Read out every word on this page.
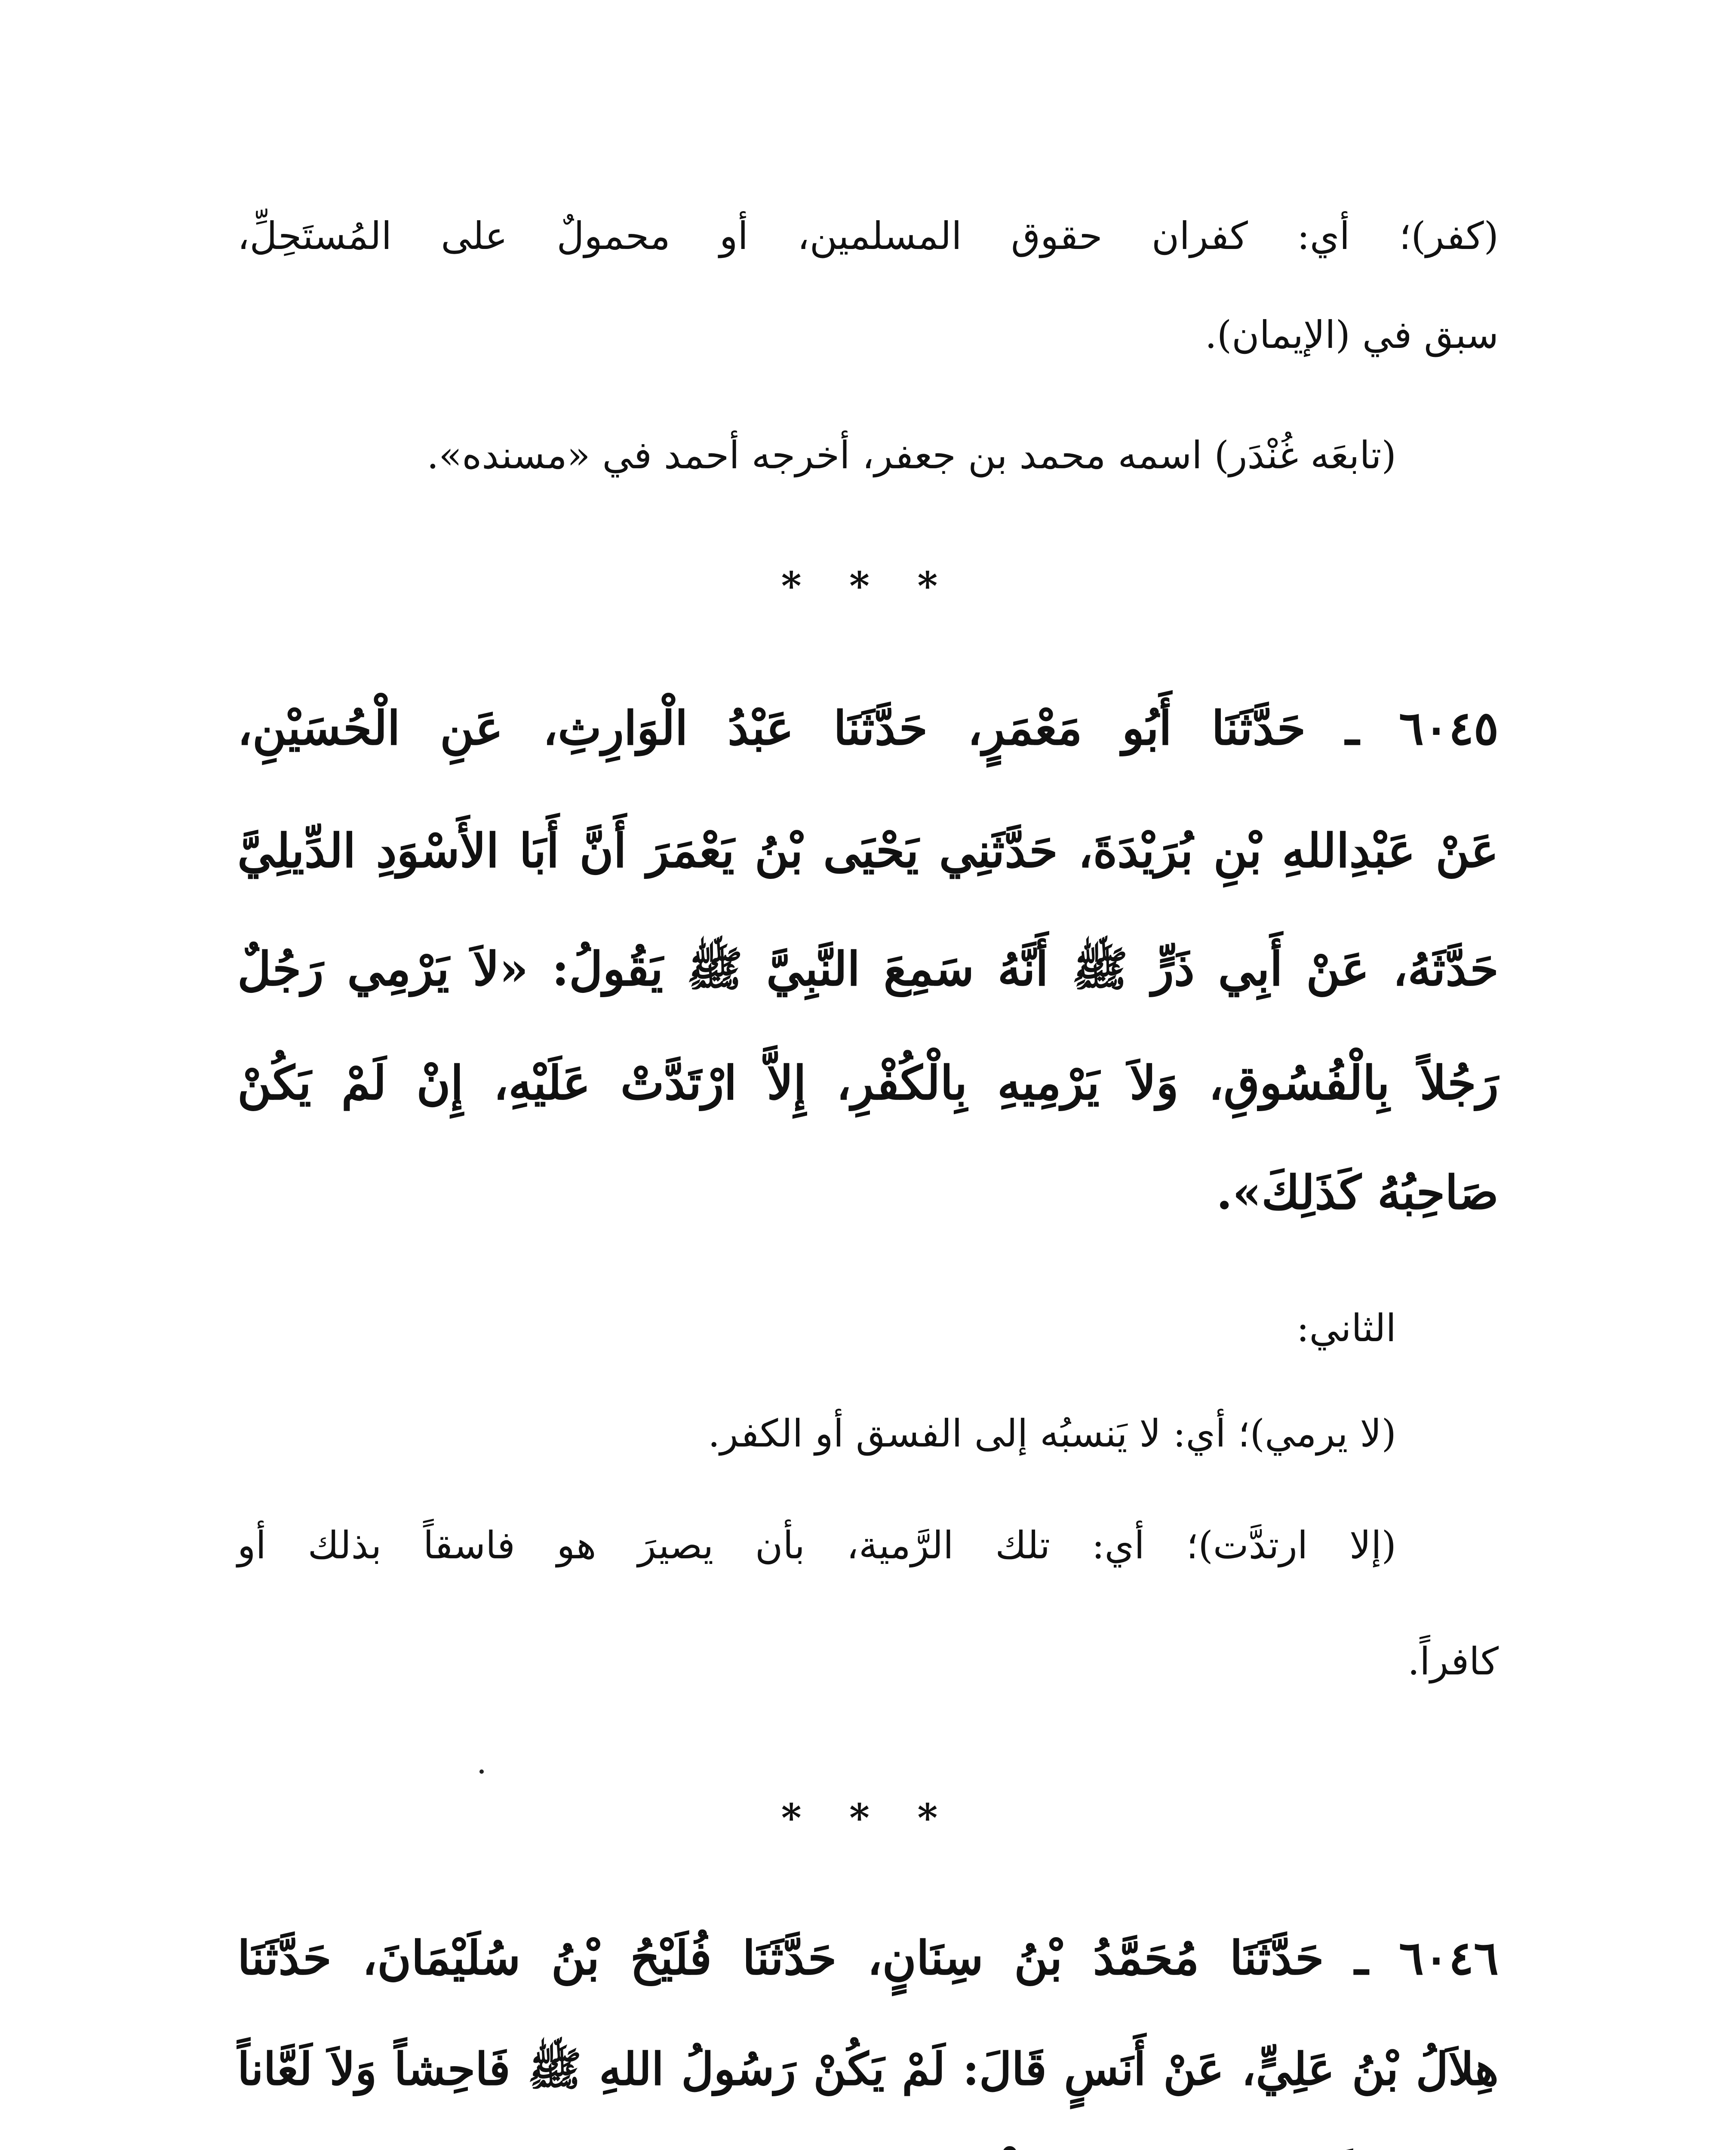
(كفر)؛ أي: كفران حقوق المسلمين، أو محمولٌ على المُستَحِلِّ،
سبق في (الإيمان).
(تابعَه غُنْدَر) اسمه محمد بن جعفر، أخرجه أحمد في «مسنده».
* * *
٦٠٤٥ ـ حَدَّثَنَا أَبُو مَعْمَرٍ، حَدَّثَنَا عَبْدُ الْوَارِثِ، عَنِ الْحُسَيْنِ،
عَنْ عَبْدِاللهِ بْنِ بُرَيْدَةَ، حَدَّثَنِي يَحْيَى بْنُ يَعْمَرَ أَنَّ أَبَا الأَسْوَدِ الدِّيلِيَّ
حَدَّثَهُ، عَنْ أَبِي ذَرٍّ ﷺ أَنَّهُ سَمِعَ النَّبِيَّ ﷺ يَقُولُ: «لاَ يَرْمِي رَجُلٌ
رَجُلاً بِالْفُسُوقِ، وَلاَ يَرْمِيهِ بِالْكُفْرِ، إِلاَّ ارْتَدَّتْ عَلَيْهِ، إِنْ لَمْ يَكُنْ
صَاحِبُهُ كَذَلِكَ».
الثاني:
(لا يرمي)؛ أي: لا يَنسبُه إلى الفسق أو الكفر.
(إلا ارتدَّت)؛ أي: تلك الرَّمية، بأن يصيرَ هو فاسقاً بذلك أو
كافراً.
* * *
٦٠٤٦ ـ حَدَّثَنَا مُحَمَّدُ بْنُ سِنَانٍ، حَدَّثَنَا فُلَيْحُ بْنُ سُلَيْمَانَ، حَدَّثَنَا
هِلاَلُ بْنُ عَلِيٍّ، عَنْ أَنَسٍ قَالَ: لَمْ يَكُنْ رَسُولُ اللهِ ﷺ فَاحِشاً وَلاَ لَعَّاناً
